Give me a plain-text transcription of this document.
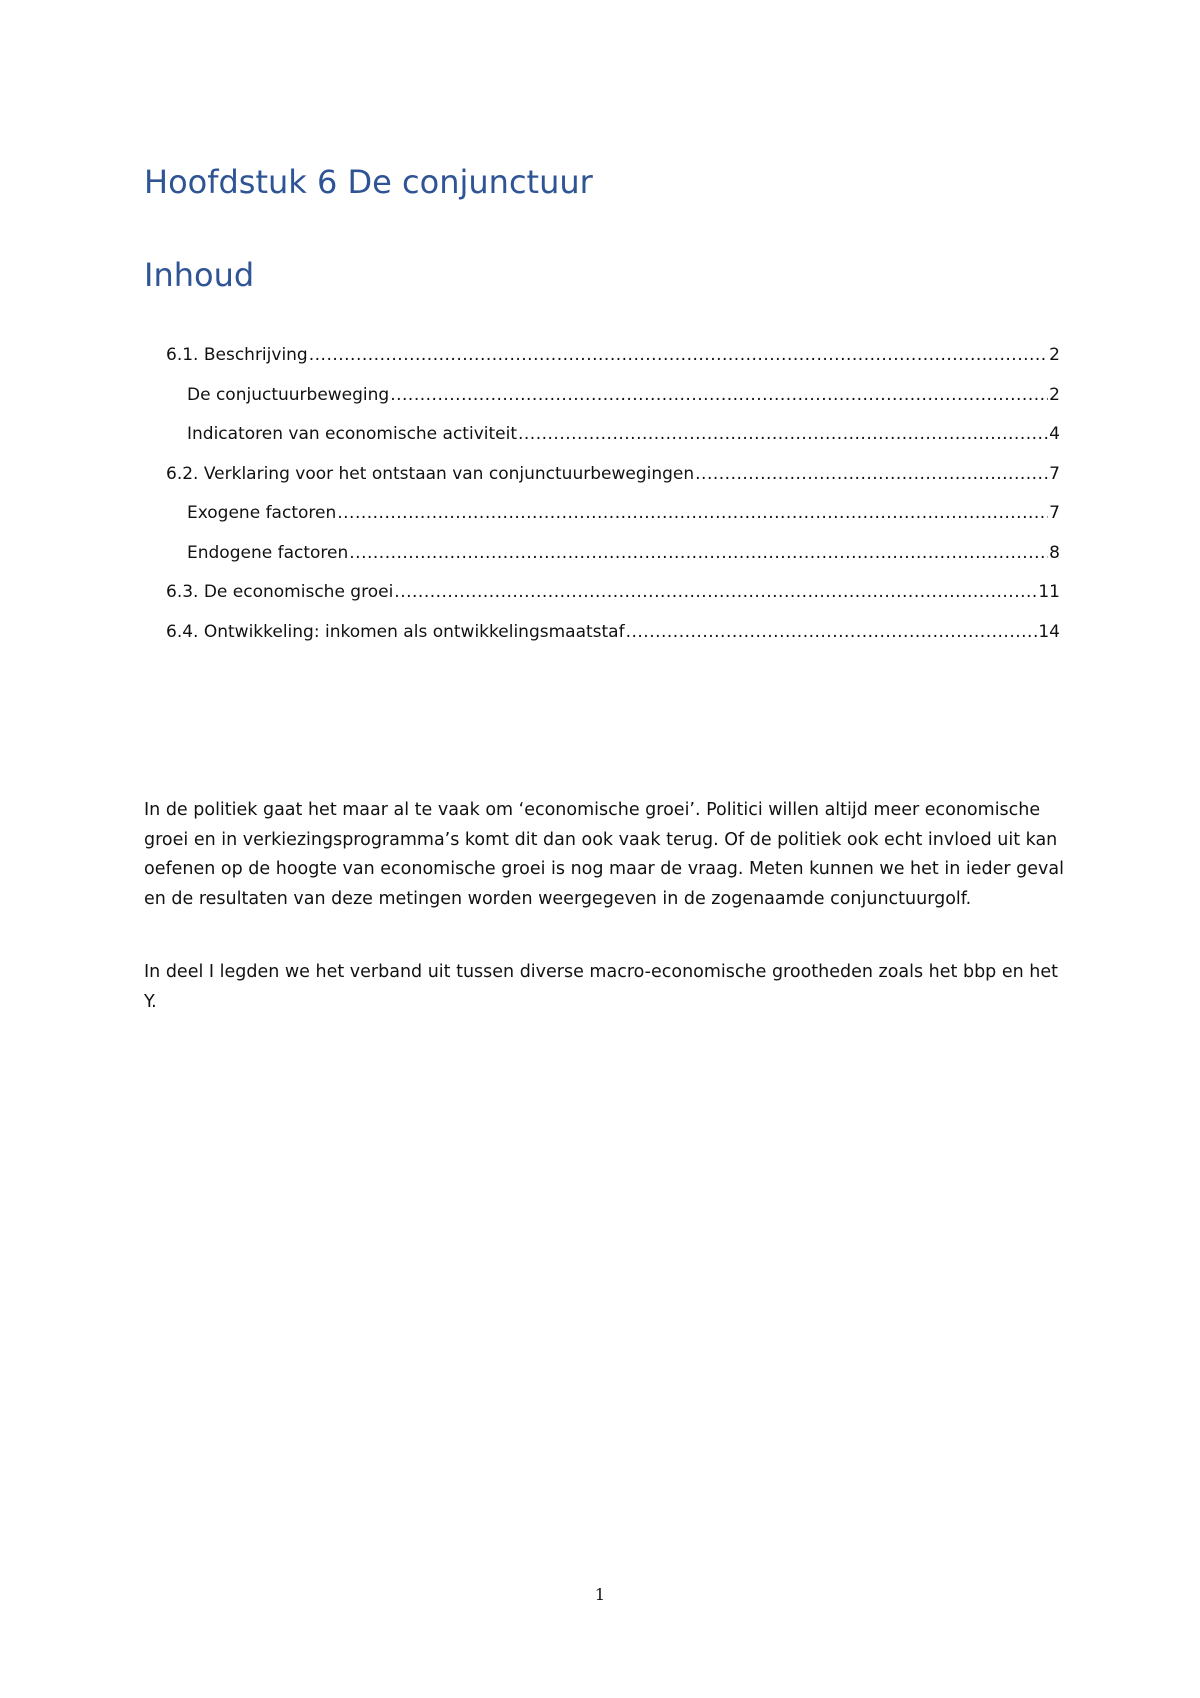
Hoofdstuk 6 De conjunctuur
Inhoud
6.1. Beschrijving .....	2
De conjuctuurbeweging .....	2
Indicatoren van economische activiteit .....	4
6.2. Verklaring voor het ontstaan van conjunctuurbewegingen .....	7
Exogene factoren .....	7
Endogene factoren .....	8
6.3. De economische groei .....	11
6.4. Ontwikkeling: inkomen als ontwikkelingsmaatstaf .....	14

In de politiek gaat het maar al te vaak om ‘economische groei’. Politici willen altijd meer economische groei en in verkiezingsprogramma’s komt dit dan ook vaak terug. Of de politiek ook echt invloed uit kan oefenen op de hoogte van economische groei is nog maar de vraag. Meten kunnen we het in ieder geval en de resultaten van deze metingen worden weergegeven in de zogenaamde conjunctuurgolf.

In deel I legden we het verband uit tussen diverse macro-economische grootheden zoals het bbp en het Y.

1
